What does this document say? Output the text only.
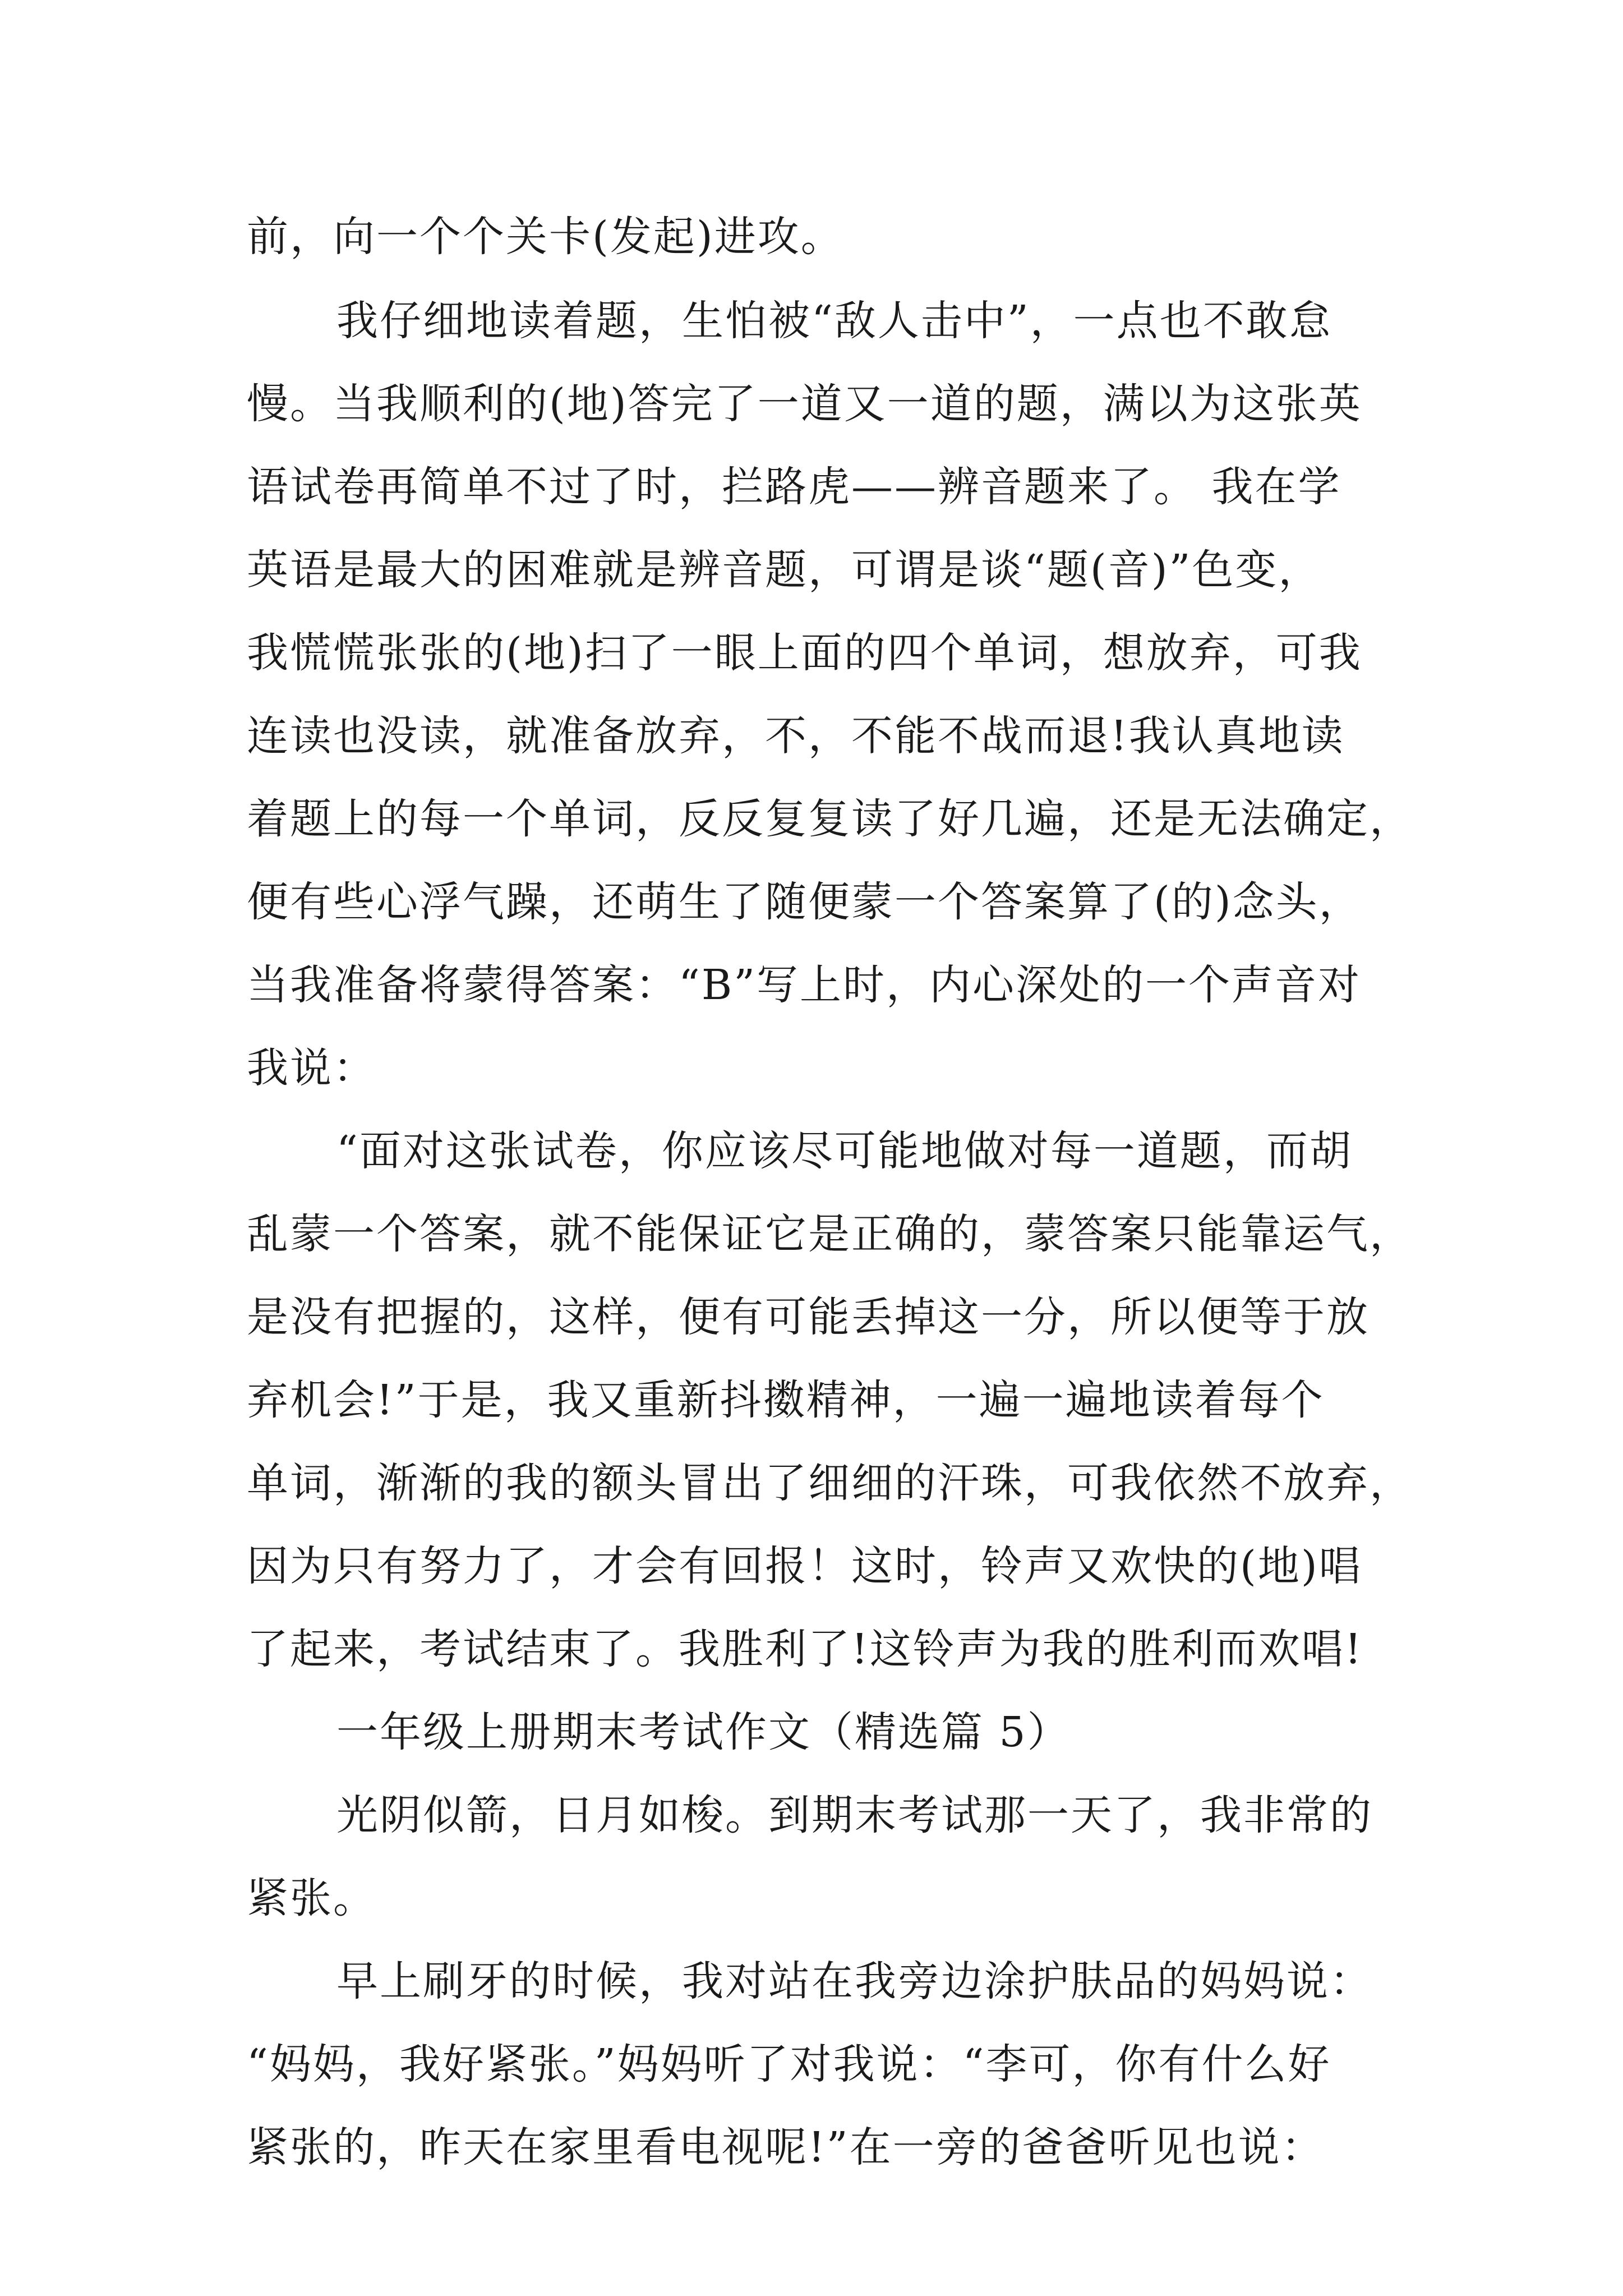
前，向一个个关卡(发起)进攻。
我仔细地读着题，生怕被“敌人击中”，一点也不敢怠
慢。当我顺利的(地)答完了一道又一道的题，满以为这张英
语试卷再简单不过了时，拦路虎——辨音题来了。 我在学
英语是最大的困难就是辨音题，可谓是谈“题(音)”色变，
我慌慌张张的(地)扫了一眼上面的四个单词，想放弃，可我
连读也没读，就准备放弃，不，不能不战而退!我认真地读
着题上的每一个单词，反反复复读了好几遍，还是无法确定，
便有些心浮气躁，还萌生了随便蒙一个答案算了(的)念头，
当我准备将蒙得答案：“B”写上时，内心深处的一个声音对
我说：
“面对这张试卷，你应该尽可能地做对每一道题，而胡
乱蒙一个答案，就不能保证它是正确的，蒙答案只能靠运气，
是没有把握的，这样，便有可能丢掉这一分，所以便等于放
弃机会!”于是，我又重新抖擞精神，一遍一遍地读着每个
单词，渐渐的我的额头冒出了细细的汗珠，可我依然不放弃，
因为只有努力了，才会有回报！这时，铃声又欢快的(地)唱
了起来，考试结束了。我胜利了!这铃声为我的胜利而欢唱!
一年级上册期末考试作文（精选篇 5）
光阴似箭，日月如梭。到期末考试那一天了，我非常的
紧张。
早上刷牙的时候，我对站在我旁边涂护肤品的妈妈说：
“妈妈，我好紧张。”妈妈听了对我说：“李可，你有什么好
紧张的，昨天在家里看电视呢!”在一旁的爸爸听见也说：
